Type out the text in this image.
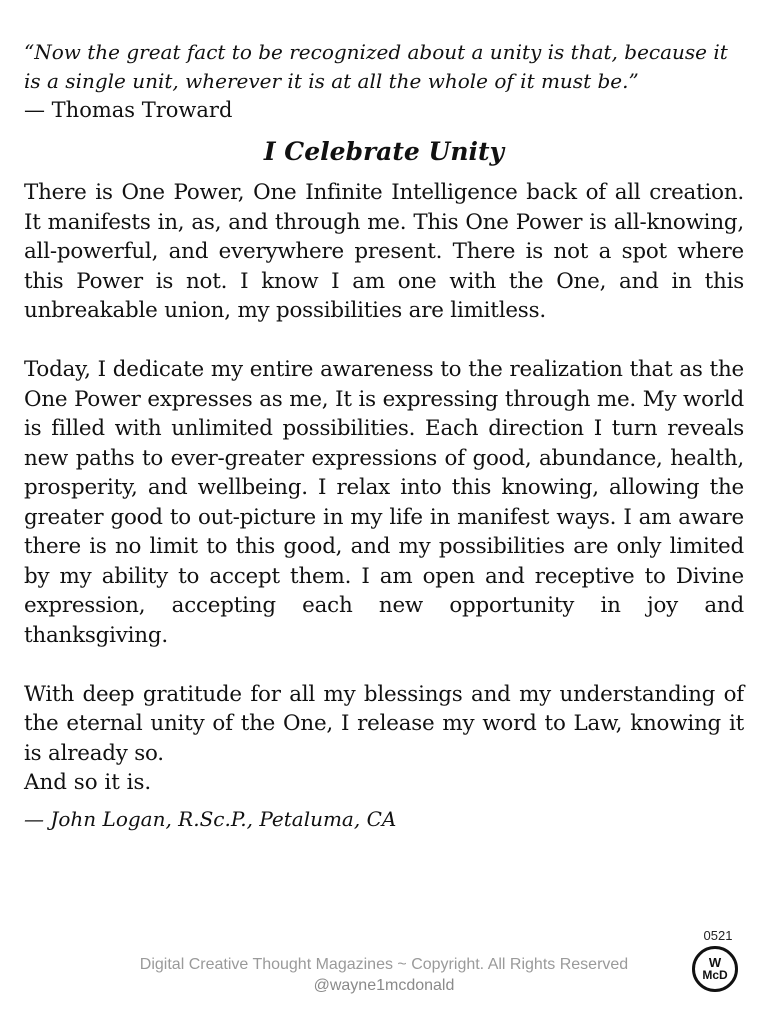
“Now the great fact to be recognized about a unity is that, because it is a single unit, wherever it is at all the whole of it must be.”

— Thomas Troward

I Celebrate Unity

There is One Power, One Infinite Intelligence back of all creation. It manifests in, as, and through me. This One Power is all-knowing, all-powerful, and everywhere present. There is not a spot where this Power is not. I know I am one with the One, and in this unbreakable union, my possibilities are limitless.

Today, I dedicate my entire awareness to the realization that as the One Power expresses as me, It is expressing through me. My world is filled with unlimited possibilities. Each direction I turn reveals new paths to ever-greater expressions of good, abundance, health, prosperity, and wellbeing. I relax into this knowing, allowing the greater good to out-picture in my life in manifest ways. I am aware there is no limit to this good, and my possibilities are only limited by my ability to accept them. I am open and receptive to Divine expression, accepting each new opportunity in joy and thanksgiving.

With deep gratitude for all my blessings and my understanding of the eternal unity of the One, I release my word to Law, knowing it is already so.

And so it is.

— John Logan, R.Sc.P., Petaluma, CA

0521
W
McD
Digital Creative Thought Magazines ~ Copyright. All Rights Reserved
@wayne1mcdonald
